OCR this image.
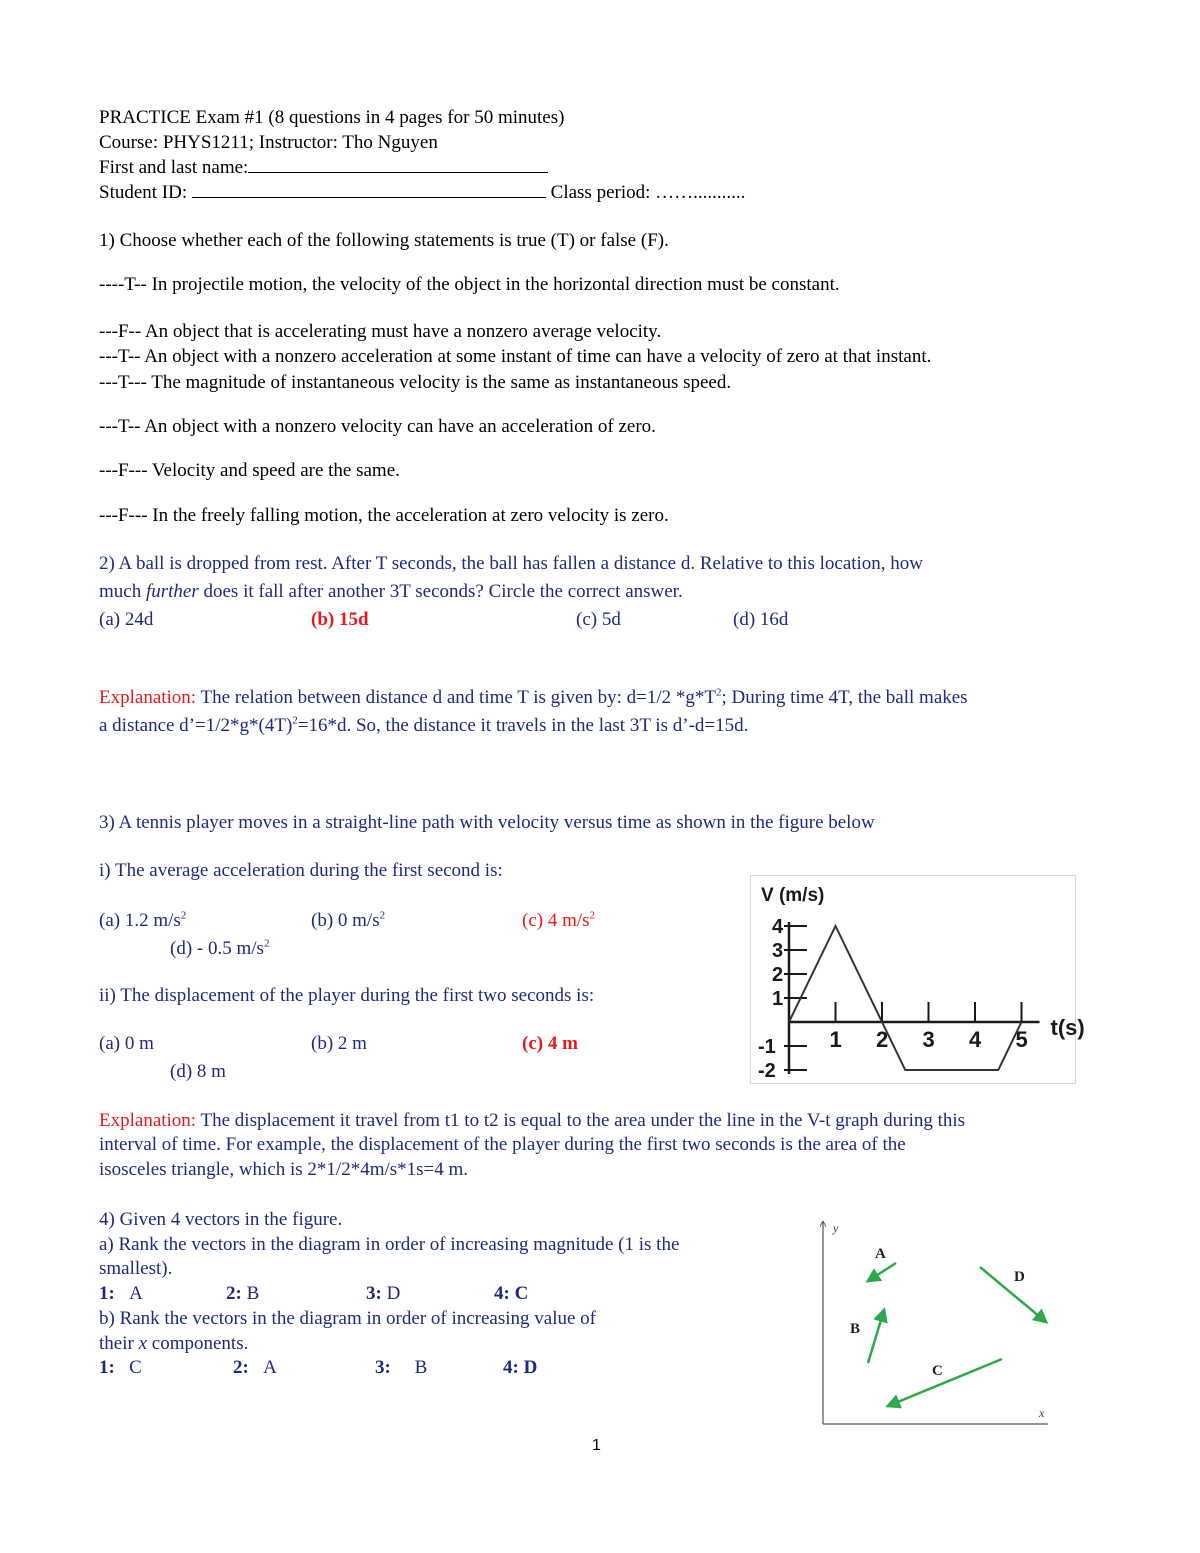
PRACTICE Exam #1 (8 questions in 4 pages for 50 minutes)
Course: PHYS1211; Instructor: Tho Nguyen
First and last name:
Student ID:	Class period: ……...........
1) Choose whether each of the following statements is true (T) or false (F).
----T-- In projectile motion, the velocity of the object in the horizontal direction must be constant.
---F-- An object that is accelerating must have a nonzero average velocity.
---T-- An object with a nonzero acceleration at some instant of time can have a velocity of zero at that instant.
---T--- The magnitude of instantaneous velocity is the same as instantaneous speed.
---T-- An object with a nonzero velocity can have an acceleration of zero.
---F--- Velocity and speed are the same.
---F--- In the freely falling motion, the acceleration at zero velocity is zero.
2) A ball is dropped from rest. After T seconds, the ball has fallen a distance d. Relative to this location, how
much further does it fall after another 3T seconds? Circle the correct answer.
(a) 24d	(b) 15d	(c) 5d	(d) 16d
Explanation: The relation between distance d and time T is given by: d=1/2 $*g*T^2$; During time 4T, the ball makes
a distance $d’=1/2*g*(4T)^2=16*d$. So, the distance it travels in the last 3T is d’-d=15d.
3) A tennis player moves in a straight-line path with velocity versus time as shown in the figure below
i) The average acceleration during the first second is:
(a) 1.2 $m/s^2$	(b) 0 $m/s^2$	(c) 4 $m/s^2$
(d) - 0.5 $m/s^2$
ii) The displacement of the player during the first two seconds is:
(a) 0 m	(b) 2 m	(c) 4 m
(d) 8 m
V (m/s)
1 2 3 4 5 t(s)
4
3
2
1
-1
-2
Explanation: The displacement it travel from t1 to t2 is equal to the area under the line in the V-t graph during this
interval of time. For example, the displacement of the player during the first two seconds is the area of the
isosceles triangle, which is 2*1/2*4m/s*1s=4 m.
4) Given 4 vectors in the figure.
a) Rank the vectors in the diagram in order of increasing magnitude (1 is the
smallest).
1: A	2: B	3: D	4: C
b) Rank the vectors in the diagram in order of increasing value of
their x components.
1: C	2: A	3: B	4: D
y
x
A
B
C
D
1
